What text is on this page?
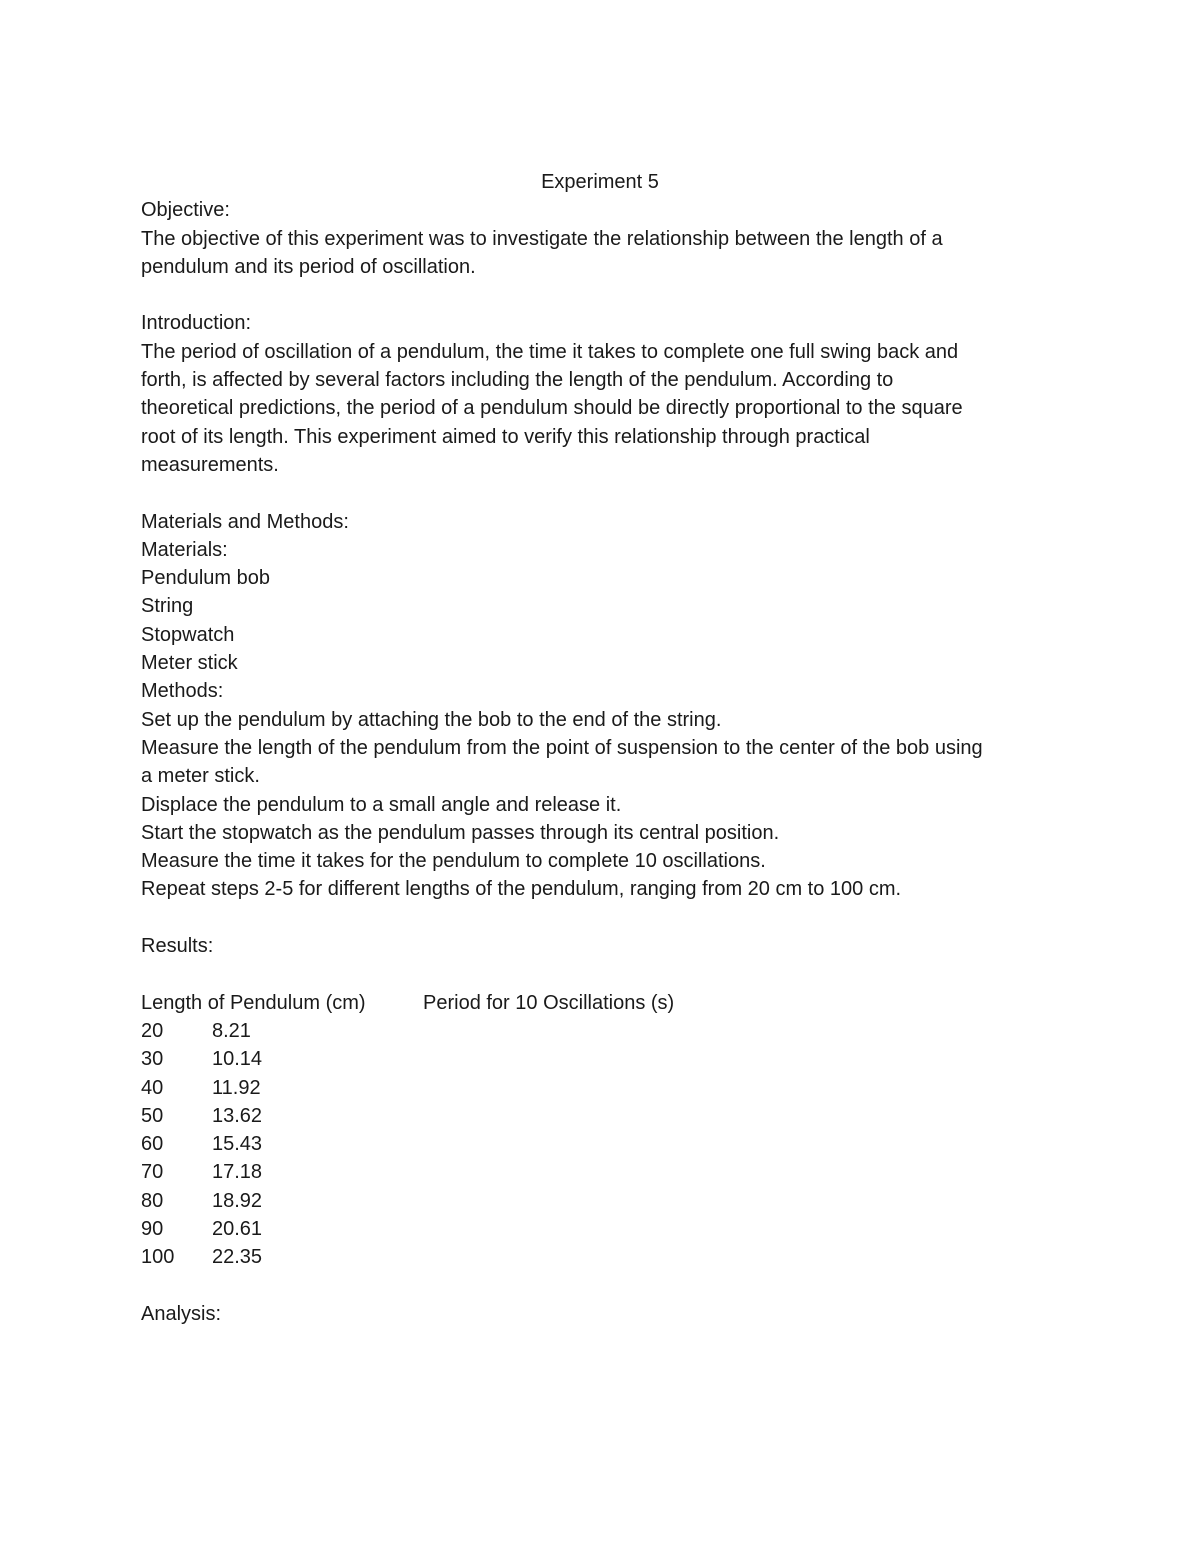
Experiment 5

Objective:

The objective of this experiment was to investigate the relationship between the length of a

pendulum and its period of oscillation.

Introduction:

The period of oscillation of a pendulum, the time it takes to complete one full swing back and

forth, is affected by several factors including the length of the pendulum. According to

theoretical predictions, the period of a pendulum should be directly proportional to the square

root of its length. This experiment aimed to verify this relationship through practical

measurements.

Materials and Methods:

Materials:

Pendulum bob

String

Stopwatch

Meter stick

Methods:

Set up the pendulum by attaching the bob to the end of the string.

Measure the length of the pendulum from the point of suspension to the center of the bob using

a meter stick.

Displace the pendulum to a small angle and release it.

Start the stopwatch as the pendulum passes through its central position.

Measure the time it takes for the pendulum to complete 10 oscillations.

Repeat steps 2-5 for different lengths of the pendulum, ranging from 20 cm to 100 cm.

Results:

Length of Pendulum (cm)	Period for 10 Oscillations (s)
20	8.21
30	10.14
40	11.92
50	13.62
60	15.43
70	17.18
80	18.92
90	20.61
100	22.35

Analysis:
